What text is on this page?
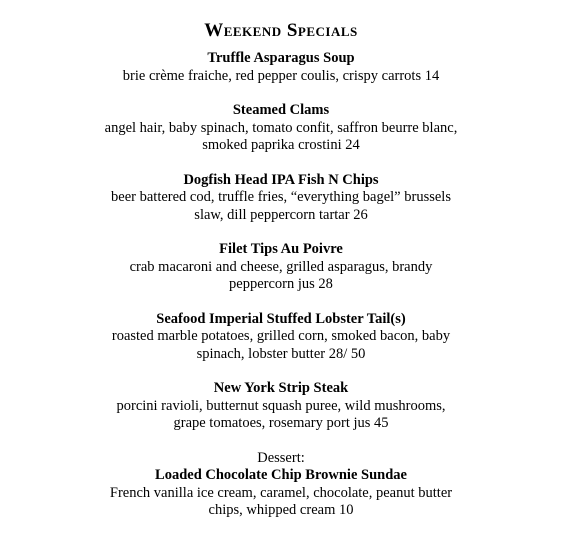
Weekend Specials
Truffle Asparagus Soup
brie crème fraiche, red pepper coulis, crispy carrots 14
Steamed Clams
angel hair, baby spinach, tomato confit, saffron beurre blanc,
smoked paprika crostini 24
Dogfish Head IPA Fish N Chips
beer battered cod, truffle fries, “everything bagel” brussels
slaw, dill peppercorn tartar 26
Filet Tips Au Poivre
crab macaroni and cheese, grilled asparagus, brandy
peppercorn jus 28
Seafood Imperial Stuffed Lobster Tail(s)
roasted marble potatoes, grilled corn, smoked bacon, baby
spinach, lobster butter 28/ 50
New York Strip Steak
porcini ravioli, butternut squash puree, wild mushrooms,
grape tomatoes, rosemary port jus 45
Dessert:
Loaded Chocolate Chip Brownie Sundae
French vanilla ice cream, caramel, chocolate, peanut butter
chips, whipped cream 10
